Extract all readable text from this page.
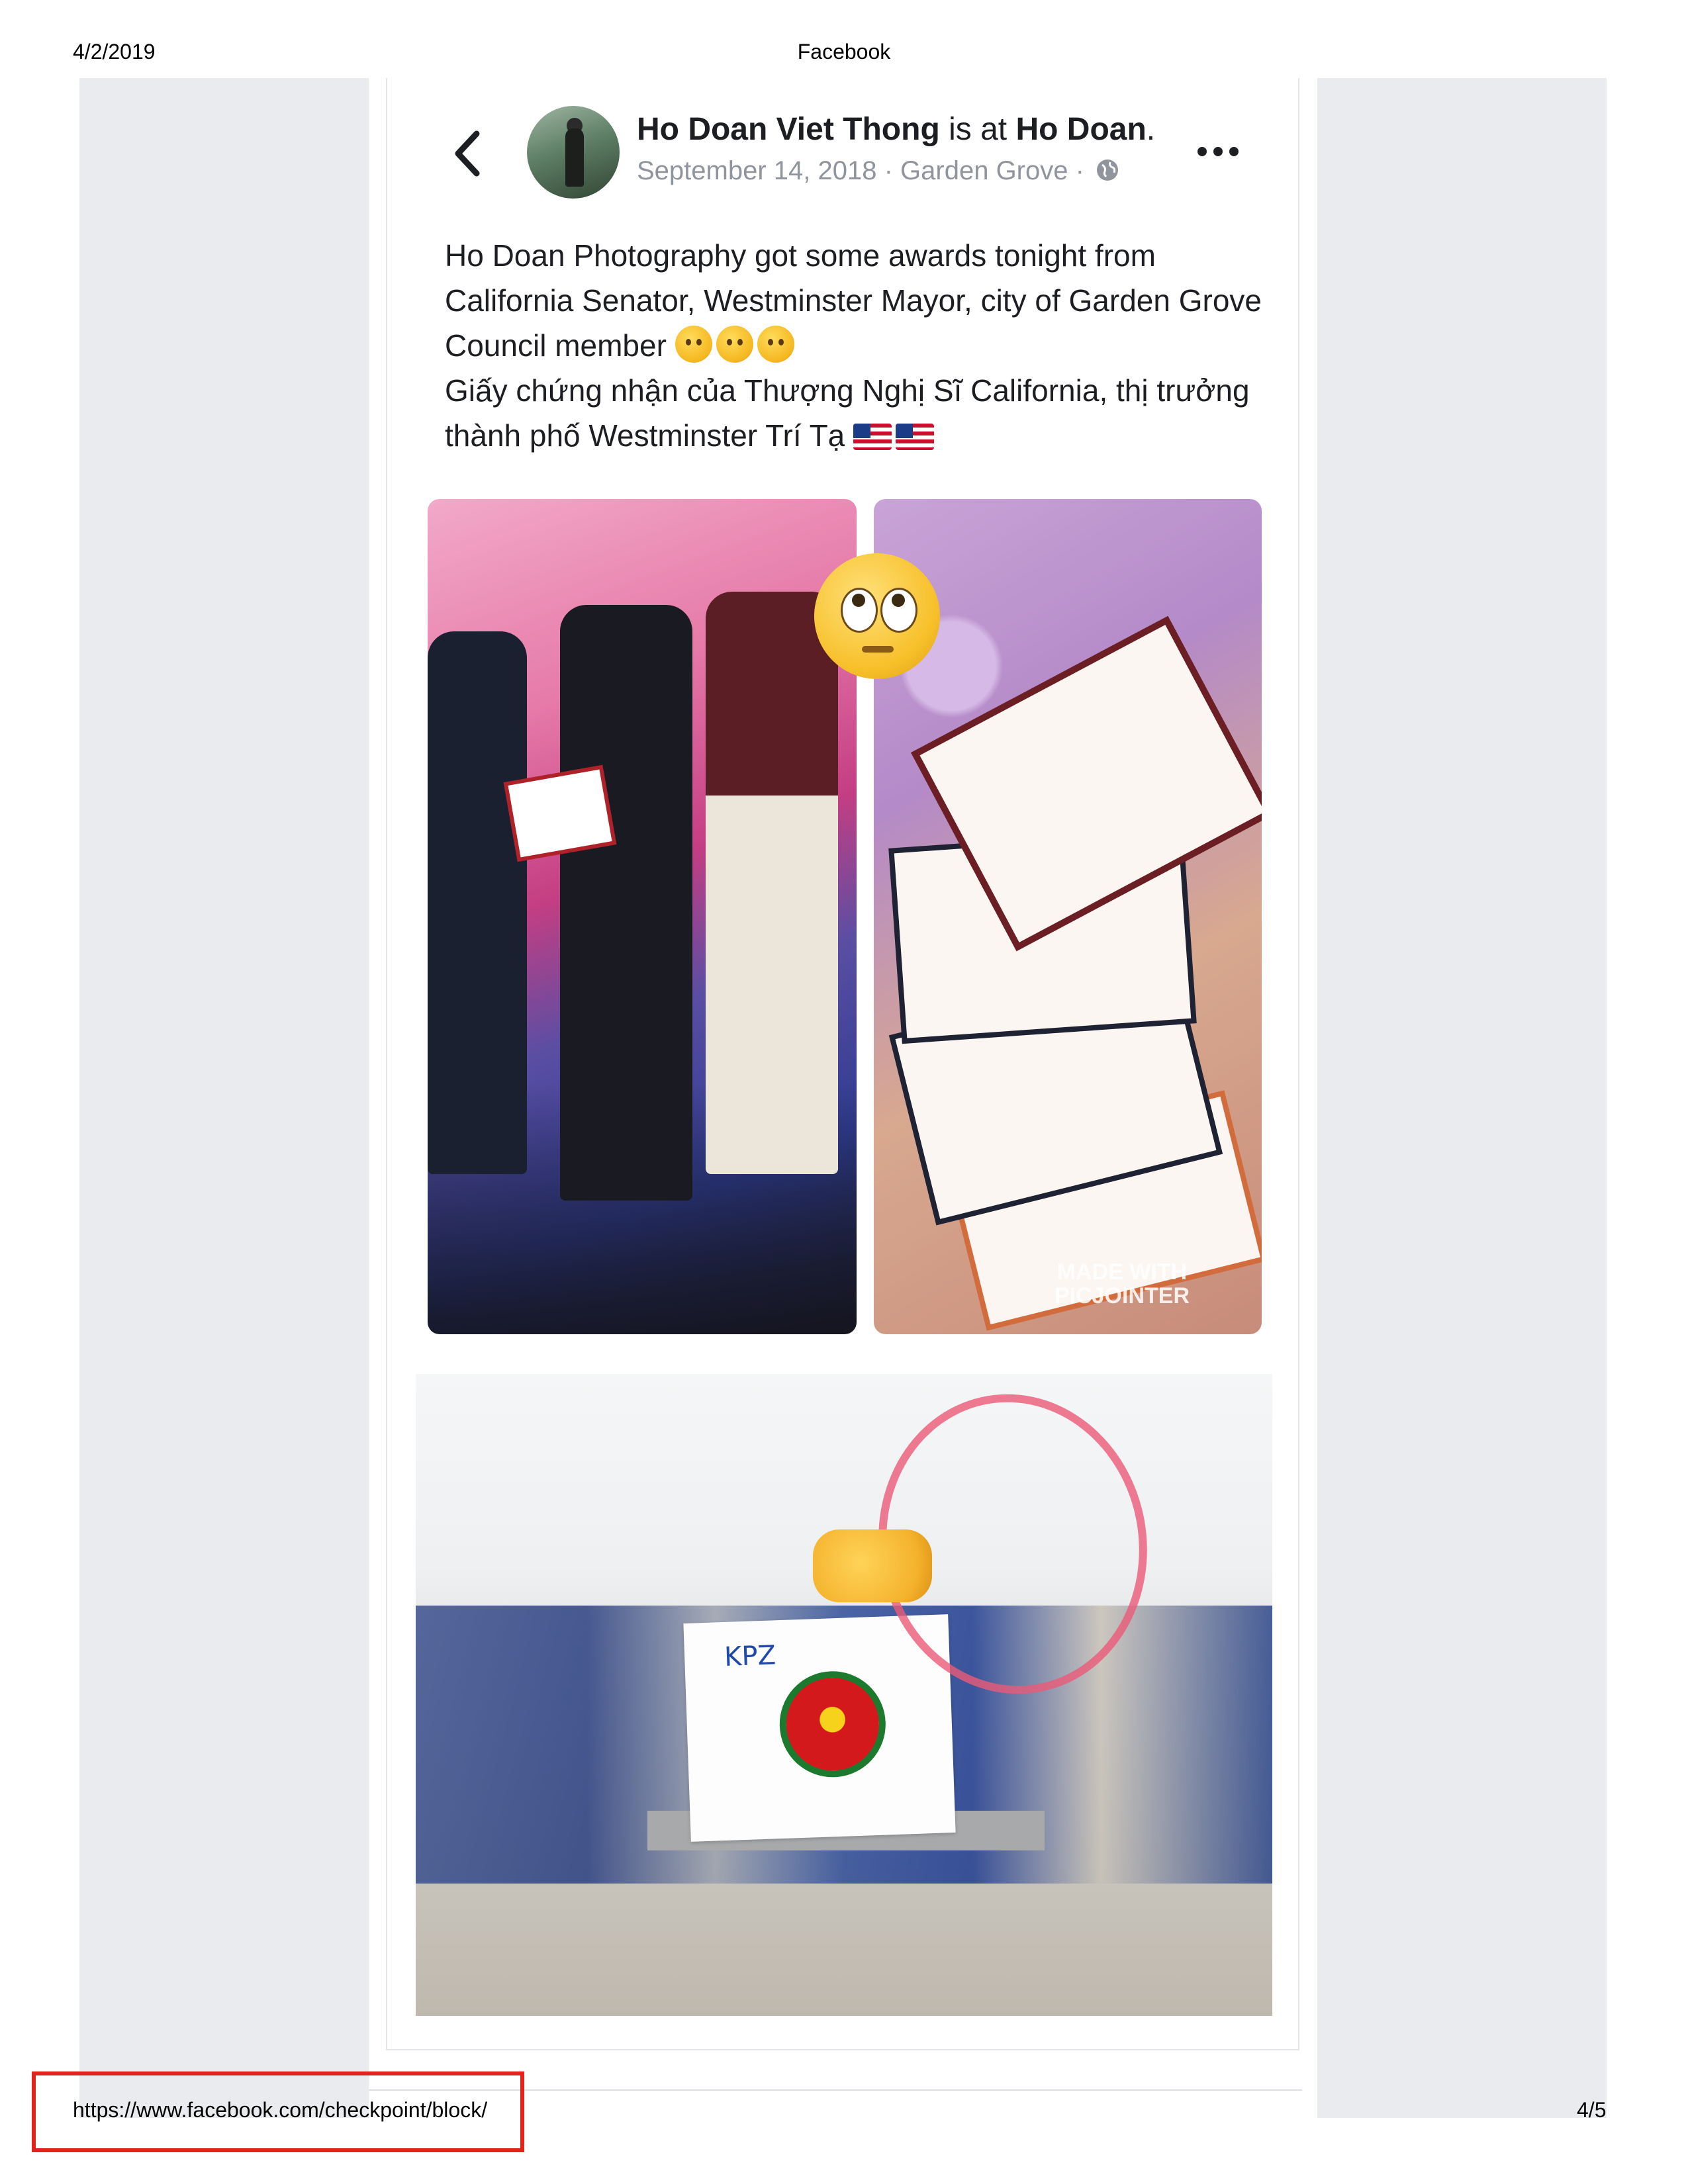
4/2/2019	Facebook
Ho Doan Viet Thong is at Ho Doan.
September 14, 2018 · Garden Grove ·

Ho Doan Photography got some awards tonight from California Senator, Westminster Mayor, city of Garden Grove Council member

Giấy chứng nhận của Thượng Nghị Sĩ California, thị trưởng thành phố Westminster Trí Tạ

MADE WITH PICJOINTER
KPZ
https://www.facebook.com/checkpoint/block/	4/5
